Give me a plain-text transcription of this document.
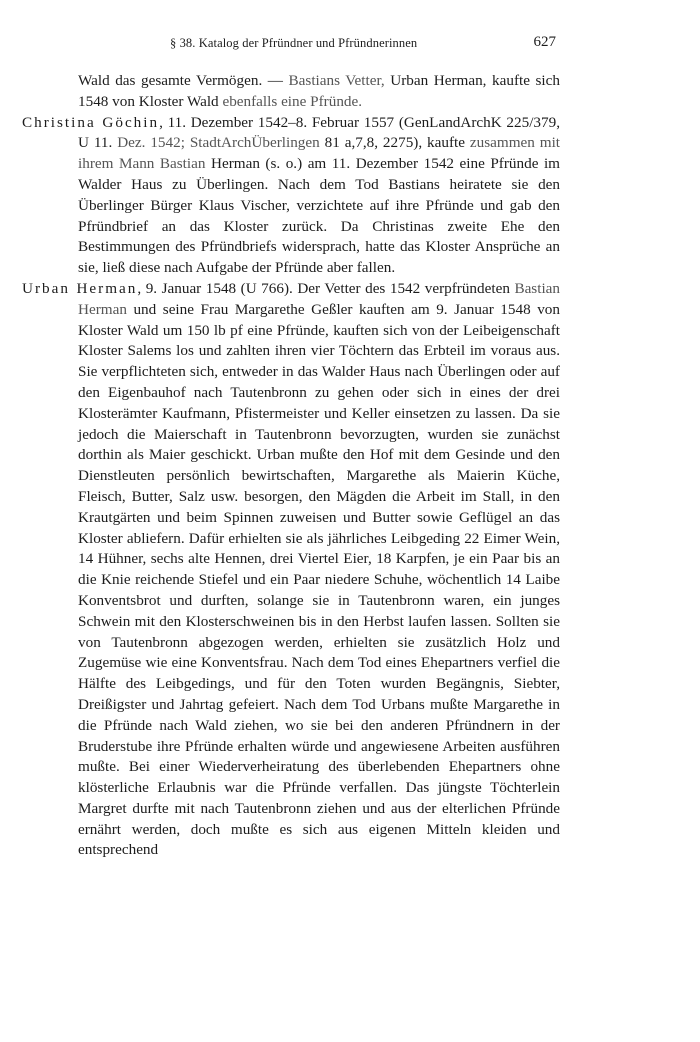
§ 38. Katalog der Pfründner und Pfründnerinnen	627

Wald das gesamte Vermögen. — Bastians Vetter, Urban Herman, kaufte sich 1548 von Kloster Wald ebenfalls eine Pfründe.

Christina Göchin, 11. Dezember 1542–8. Februar 1557 (GenLandArchK 225/379, U 11. Dez. 1542; StadtArchÜberlingen 81 a,7,8, 2275), kaufte zusammen mit ihrem Mann Bastian Herman (s. o.) am 11. Dezember 1542 eine Pfründe im Walder Haus zu Überlingen. Nach dem Tod Bastians heiratete sie den Überlinger Bürger Klaus Vischer, verzichtete auf ihre Pfründe und gab den Pfründbrief an das Kloster zurück. Da Christinas zweite Ehe den Bestimmungen des Pfründbriefs widersprach, hatte das Kloster Ansprüche an sie, ließ diese nach Aufgabe der Pfründe aber fallen.

Urban Herman, 9. Januar 1548 (U 766). Der Vetter des 1542 verpfründeten Bastian Herman und seine Frau Margarethe Geßler kauften am 9. Januar 1548 von Kloster Wald um 150 lb pf eine Pfründe, kauften sich von der Leibeigenschaft Kloster Salems los und zahlten ihren vier Töchtern das Erbteil im voraus aus. Sie verpflichteten sich, entweder in das Walder Haus nach Überlingen oder auf den Eigenbauhof nach Tautenbronn zu gehen oder sich in eines der drei Klosterämter Kaufmann, Pfistermeister und Keller einsetzen zu lassen. Da sie jedoch die Maierschaft in Tautenbronn bevorzugten, wurden sie zunächst dorthin als Maier geschickt. Urban mußte den Hof mit dem Gesinde und den Dienstleuten persönlich bewirtschaften, Margarethe als Maierin Küche, Fleisch, Butter, Salz usw. besorgen, den Mägden die Arbeit im Stall, in den Krautgärten und beim Spinnen zuweisen und Butter sowie Geflügel an das Kloster abliefern. Dafür erhielten sie als jährliches Leibgeding 22 Eimer Wein, 14 Hühner, sechs alte Hennen, drei Viertel Eier, 18 Karpfen, je ein Paar bis an die Knie reichende Stiefel und ein Paar niedere Schuhe, wöchentlich 14 Laibe Konventsbrot und durften, solange sie in Tautenbronn waren, ein junges Schwein mit den Klosterschweinen bis in den Herbst laufen lassen. Sollten sie von Tautenbronn abgezogen werden, erhielten sie zusätzlich Holz und Zugemüse wie eine Konventsfrau. Nach dem Tod eines Ehepartners verfiel die Hälfte des Leibgedings, und für den Toten wurden Begängnis, Siebter, Dreißigster und Jahrtag gefeiert. Nach dem Tod Urbans mußte Margarethe in die Pfründe nach Wald ziehen, wo sie bei den anderen Pfründnern in der Bruderstube ihre Pfründe erhalten würde und angewiesene Arbeiten ausführen mußte. Bei einer Wiederverheiratung des überlebenden Ehepartners ohne klösterliche Erlaubnis war die Pfründe verfallen. Das jüngste Töchterlein Margret durfte mit nach Tautenbronn ziehen und aus der elterlichen Pfründe ernährt werden, doch mußte es sich aus eigenen Mitteln kleiden und entsprechend
